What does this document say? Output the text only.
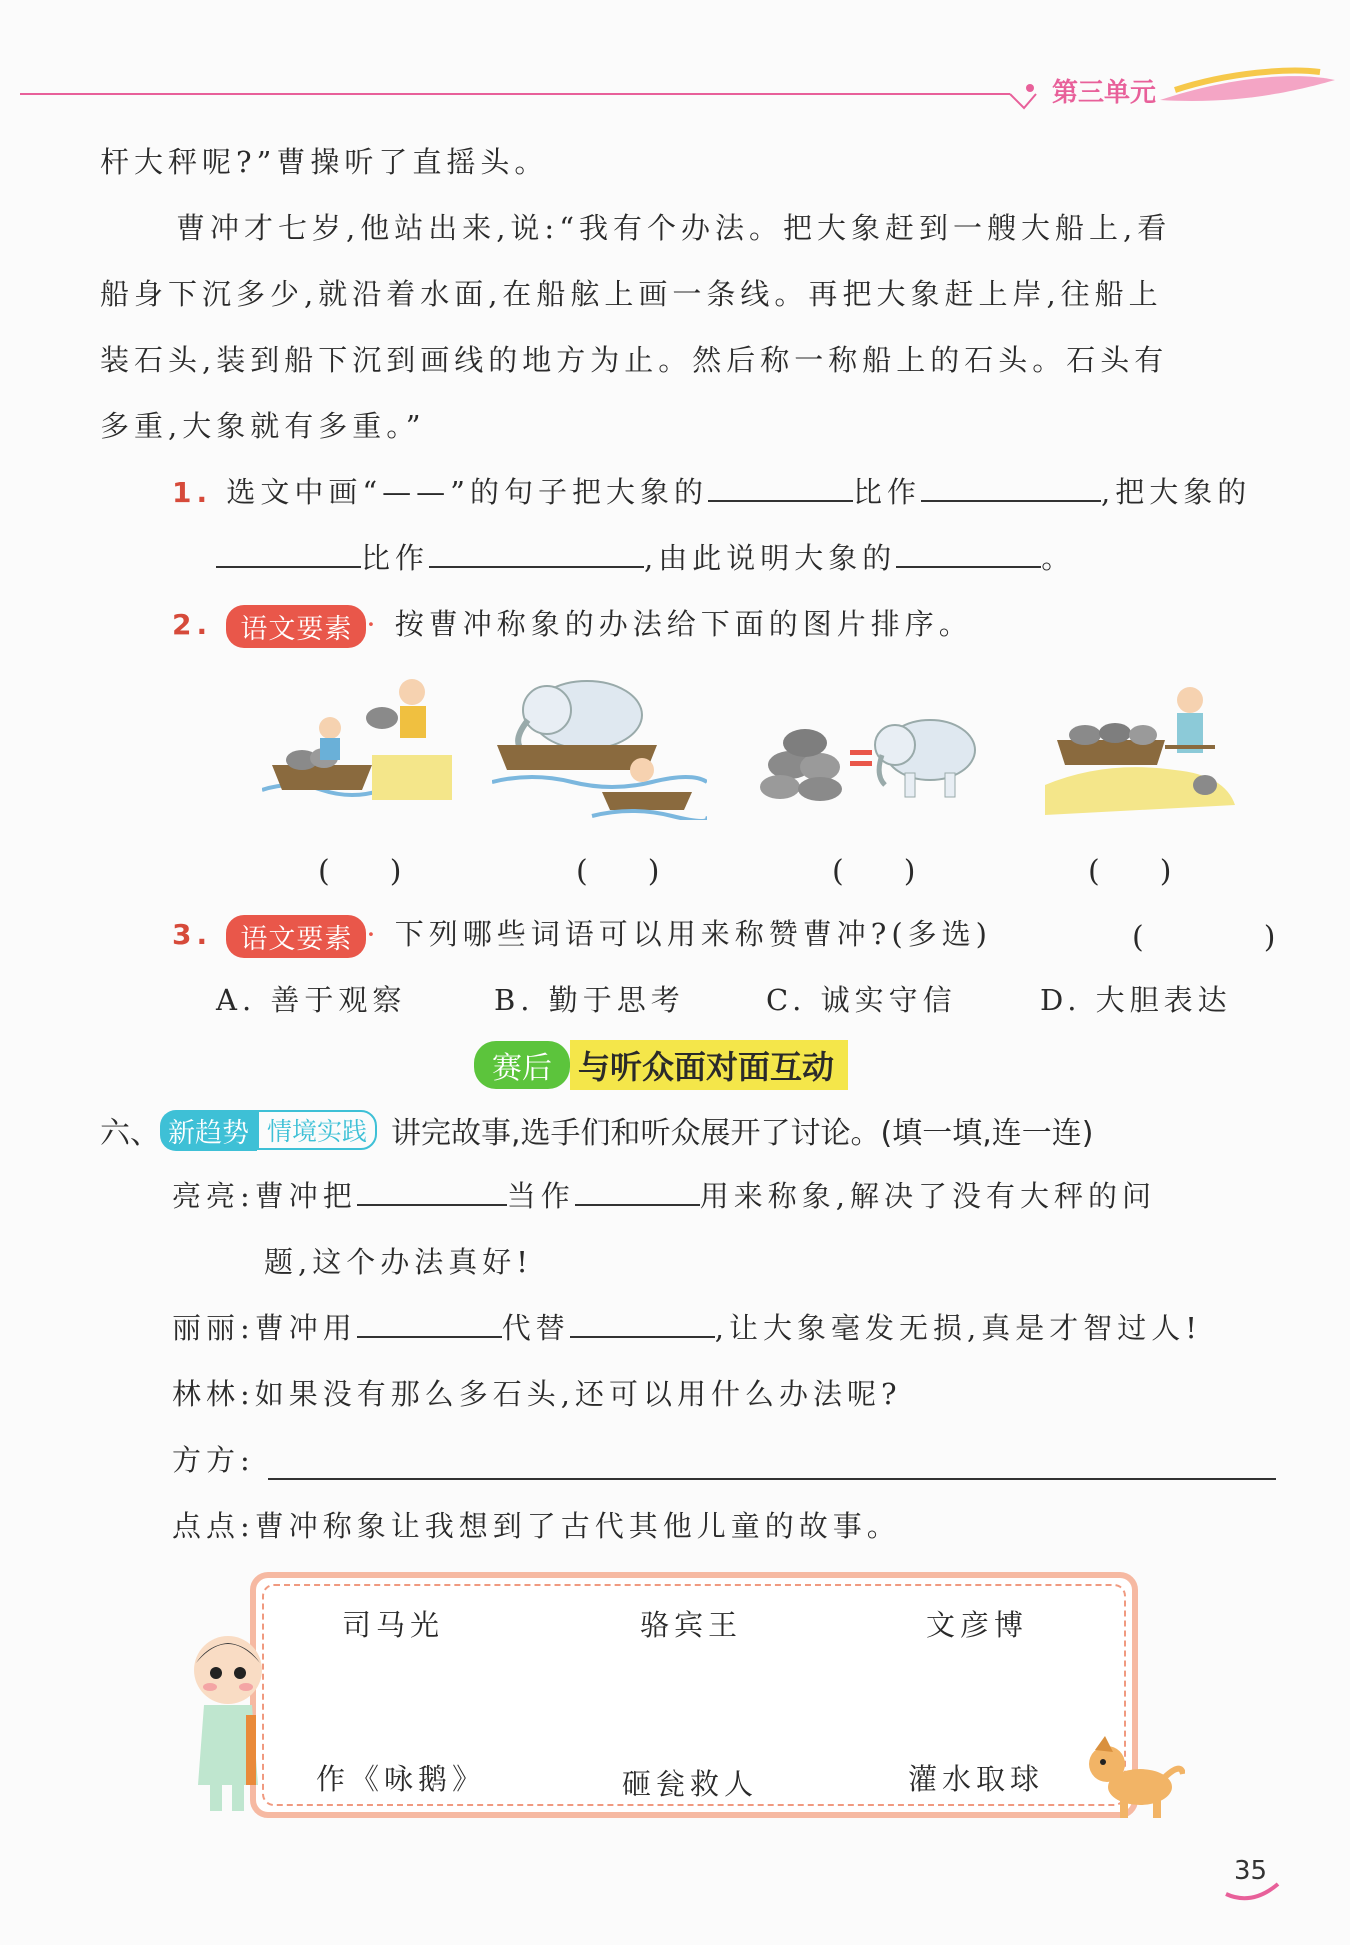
第三单元
杆大秤呢?”曹操听了直摇头。
曹冲才七岁,他站出来,说:“我有个办法。把大象赶到一艘大船上,看
船身下沉多少,就沿着水面,在船舷上画一条线。再把大象赶上岸,往船上
装石头,装到船下沉到画线的地方为止。然后称一称船上的石头。石头有
多重,大象就有多重。”
1. 选文中画“——”的句子把大象的	比作	,把大象的
比作	,由此说明大象的	。
2. 语文要素 · 按曹冲称象的办法给下面的图片排序。
(　　)	(　　)	(　　)	(　　)
3. 语文要素 · 下列哪些词语可以用来称赞曹冲?(多选)	(　　　　)
A. 善于观察	B. 勤于思考	C. 诚实守信	D. 大胆表达
赛后 与听众面对面互动
六、 新趋势 情境实践 讲完故事,选手们和听众展开了讨论。(填一填,连一连)
亮亮:曹冲把	当作	用来称象,解决了没有大秤的问
题,这个办法真好!
丽丽:曹冲用	代替	,让大象毫发无损,真是才智过人!
林林:如果没有那么多石头,还可以用什么办法呢?
方方:
点点:曹冲称象让我想到了古代其他儿童的故事。
司马光	骆宾王	文彦博
作《咏鹅》	砸瓮救人	灌水取球
35
